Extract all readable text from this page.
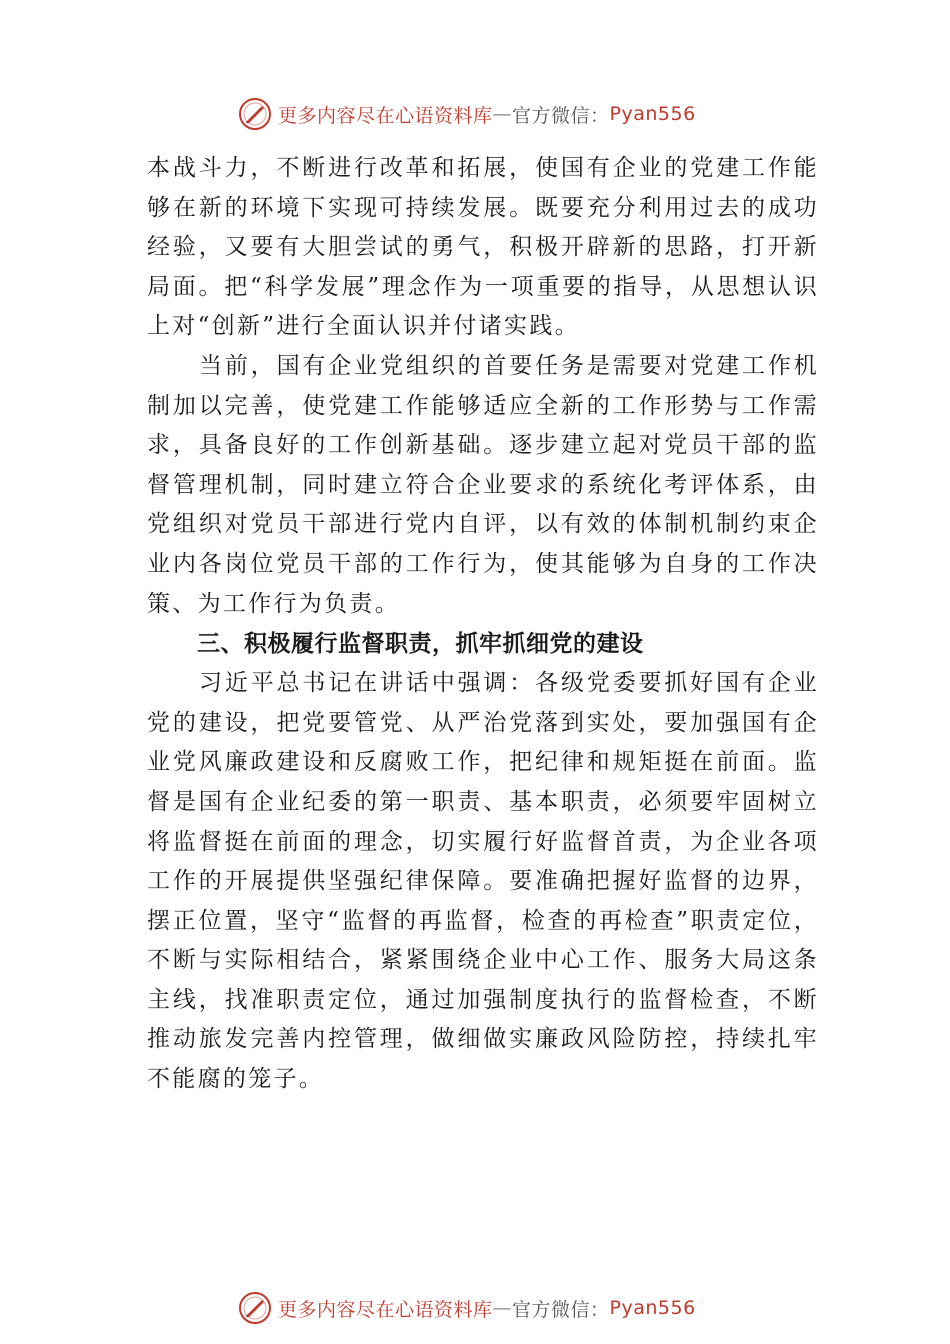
更多内容尽在心语资料库 — 官方微信： Pyan556

本战斗力，不断进行改革和拓展，使国有企业的党建工作能够在新的环境下实现可持续发展。既要充分利用过去的成功经验，又要有大胆尝试的勇气，积极开辟新的思路，打开新局面。把“科学发展”理念作为一项重要的指导，从思想认识上对“创新”进行全面认识并付诸实践。

当前，国有企业党组织的首要任务是需要对党建工作机制加以完善，使党建工作能够适应全新的工作形势与工作需求，具备良好的工作创新基础。逐步建立起对党员干部的监督管理机制，同时建立符合企业要求的系统化考评体系，由党组织对党员干部进行党内自评，以有效的体制机制约束企业内各岗位党员干部的工作行为，使其能够为自身的工作决策、为工作行为负责。

三、积极履行监督职责，抓牢抓细党的建设

习近平总书记在讲话中强调：各级党委要抓好国有企业党的建设，把党要管党、从严治党落到实处，要加强国有企业党风廉政建设和反腐败工作，把纪律和规矩挺在前面。监督是国有企业纪委的第一职责、基本职责，必须要牢固树立将监督挺在前面的理念，切实履行好监督首责，为企业各项工作的开展提供坚强纪律保障。要准确把握好监督的边界， 摆正位置，坚守“监督的再监督，检查的再检查”职责定位， 不断与实际相结合，紧紧围绕企业中心工作、服务大局这条主线，找准职责定位，通过加强制度执行的监督检查，不断推动旅发完善内控管理，做细做实廉政风险防控，持续扎牢不能腐的笼子。

更多内容尽在心语资料库 — 官方微信： Pyan556
